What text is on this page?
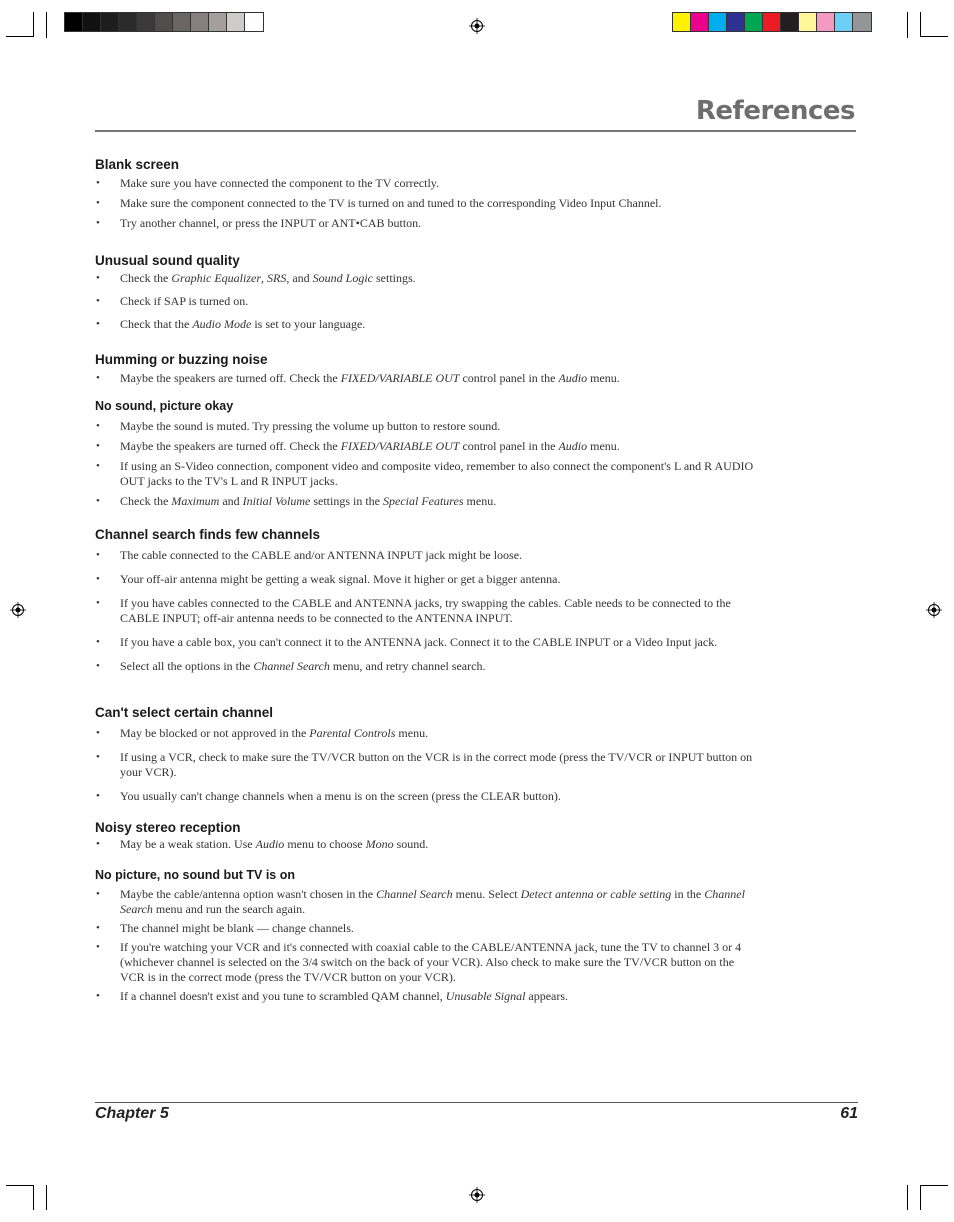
References
Blank screen
• Make sure you have connected the component to the TV correctly.
• Make sure the component connected to the TV is turned on and tuned to the corresponding Video Input Channel.
• Try another channel, or press the INPUT or ANT•CAB button.
Unusual sound quality
• Check the Graphic Equalizer, SRS, and Sound Logic settings.
• Check if SAP is turned on.
• Check that the Audio Mode is set to your language.
Humming or buzzing noise
• Maybe the speakers are turned off. Check the FIXED/VARIABLE OUT control panel in the Audio menu.
No sound, picture okay
• Maybe the sound is muted. Try pressing the volume up button to restore sound.
• Maybe the speakers are turned off. Check the FIXED/VARIABLE OUT control panel in the Audio menu.
• If using an S-Video connection, component video and composite video, remember to also connect the component's L and R AUDIO OUT jacks to the TV's L and R INPUT jacks.
• Check the Maximum and Initial Volume settings in the Special Features menu.
Channel search finds few channels
• The cable connected to the CABLE and/or ANTENNA INPUT jack might be loose.
• Your off-air antenna might be getting a weak signal. Move it higher or get a bigger antenna.
• If you have cables connected to the CABLE and ANTENNA jacks, try swapping the cables. Cable needs to be connected to the CABLE INPUT; off-air antenna needs to be connected to the ANTENNA INPUT.
• If you have a cable box, you can't connect it to the ANTENNA jack. Connect it to the CABLE INPUT or a Video Input jack.
• Select all the options in the Channel Search menu, and retry channel search.
Can't select certain channel
• May be blocked or not approved in the Parental Controls menu.
• If using a VCR, check to make sure the TV/VCR button on the VCR is in the correct mode (press the TV/VCR or INPUT button on your VCR).
• You usually can't change channels when a menu is on the screen (press the CLEAR button).
Noisy stereo reception
• May be a weak station. Use Audio menu to choose Mono sound.
No picture, no sound but TV is on
• Maybe the cable/antenna option wasn't chosen in the Channel Search menu. Select Detect antenna or cable setting in the Channel Search menu and run the search again.
• The channel might be blank — change channels.
• If you're watching your VCR and it's connected with coaxial cable to the CABLE/ANTENNA jack, tune the TV to channel 3 or 4 (whichever channel is selected on the 3/4 switch on the back of your VCR). Also check to make sure the TV/VCR button on the VCR is in the correct mode (press the TV/VCR button on your VCR).
• If a channel doesn't exist and you tune to scrambled QAM channel, Unusable Signal appears.
Chapter 5	61
